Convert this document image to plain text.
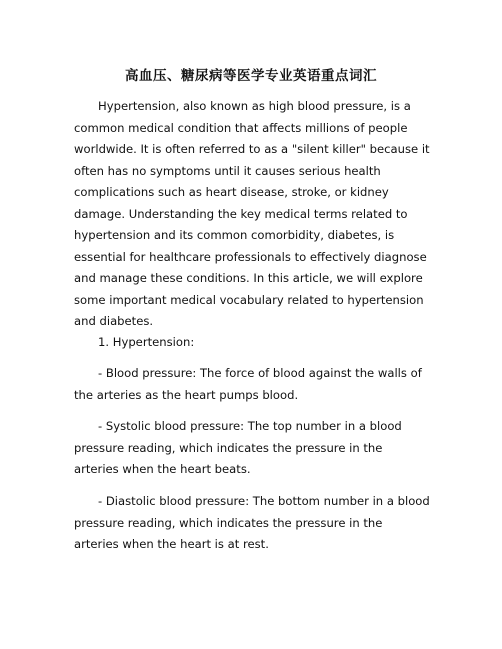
高血压、糖尿病等医学专业英语重点词汇

Hypertension, also known as high blood pressure, is a common medical condition that affects millions of people worldwide. It is often referred to as a "silent killer" because it often has no symptoms until it causes serious health complications such as heart disease, stroke, or kidney damage. Understanding the key medical terms related to hypertension and its common comorbidity, diabetes, is essential for healthcare professionals to effectively diagnose and manage these conditions. In this article, we will explore some important medical vocabulary related to hypertension and diabetes.

1. Hypertension:

- Blood pressure: The force of blood against the walls of the arteries as the heart pumps blood.

- Systolic blood pressure: The top number in a blood pressure reading, which indicates the pressure in the arteries when the heart beats.

- Diastolic blood pressure: The bottom number in a blood pressure reading, which indicates the pressure in the arteries when the heart is at rest.
